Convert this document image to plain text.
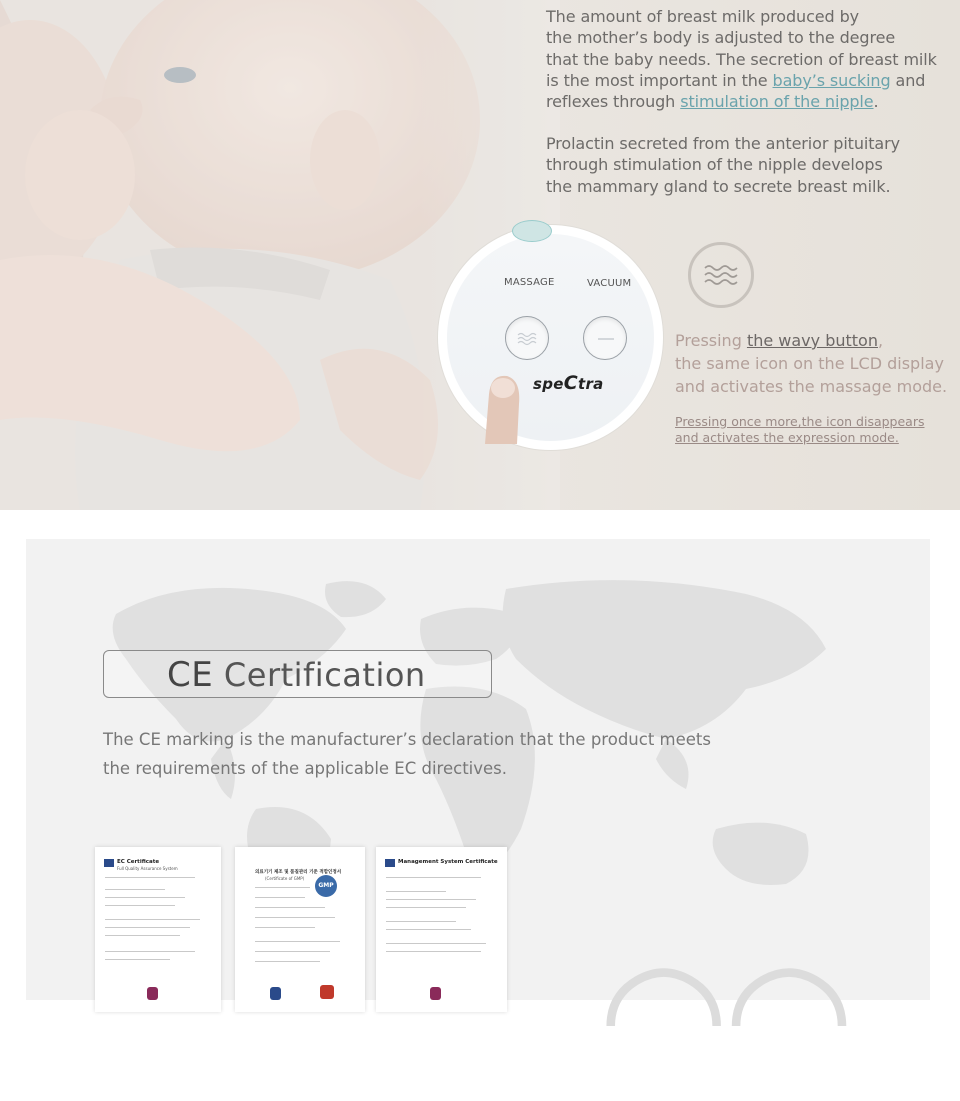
The amount of breast milk produced by

the mother’s body is adjusted to the degree

that the baby needs. The secretion of breast milk

is the most important in the baby’s sucking and

reflexes through stimulation of the nipple.

Prolactin secreted from the anterior pituitary

through stimulation of the nipple develops

the mammary gland to secrete breast milk.

MASSAGE	VACUUM
speCtra
Pressing the wavy button,
the same icon on the LCD display
and activates the massage mode.
Pressing once more,the icon disappears
and activates the expression mode.
CE Certification
The CE marking is the manufacturer’s declaration that the product meets
the requirements of the applicable EC directives.
EC Certificate
Full Quality Assurance System
의료기기 제조 및 품질관리 기준 적합인정서
(Certificate of GMP)
GMP
Management System Certificate
◠◠
